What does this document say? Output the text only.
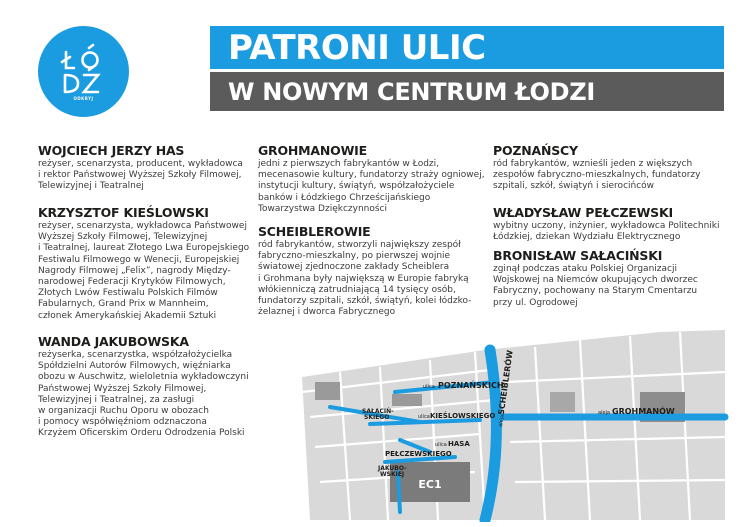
ODKRYJ
PATRONI ULIC
W NOWYM CENTRUM ŁODZI
WOJCIECH JERZY HAS

reżyser, scenarzysta, producent, wykładowca
i rektor Państwowej Wyższej Szkoły Filmowej,
Telewizyjnej i Teatralnej

KRZYSZTOF KIEŚLOWSKI

reżyser, scenarzysta, wykładowca Państwowej
Wyższej Szkoły Filmowej, Telewizyjnej
i Teatralnej, laureat Złotego Lwa Europejskiego
Festiwalu Filmowego w Wenecji, Europejskiej
Nagrody Filmowej „Felix”, nagrody Między-
narodowej Federacji Krytyków Filmowych,
Złotych Lwów Festiwalu Polskich Filmów
Fabularnych, Grand Prix w Mannheim,
członek Amerykańskiej Akademii Sztuki

WANDA JAKUBOWSKA

reżyserka, scenarzystka, współzałożycielka
Spółdzielni Autorów Filmowych, więźniarka
obozu w Auschwitz, wieloletnia wykładowczyni
Państwowej Wyższej Szkoły Filmowej,
Telewizyjnej i Teatralnej, za zasługi
w organizacji Ruchu Oporu w obozach
i pomocy współwięźniom odznaczona
Krzyżem Oficerskim Orderu Odrodzenia Polski

GROHMANOWIE

jedni z pierwszych fabrykantów w Łodzi,
mecenasowie kultury, fundatorzy straży ogniowej,
instytucji kultury, świątyń, współzałożyciele
banków i Łódzkiego Chrześcijańskiego
Towarzystwa Dziękczynności

SCHEIBLEROWIE

ród fabrykantów, stworzyli największy zespół
fabryczno-mieszkalny, po pierwszej wojnie
światowej zjednoczone zakłady Scheiblera
i Grohmana były największą w Europie fabryką
włókienniczą zatrudniającą 14 tysięcy osób,
fundatorzy szpitali, szkół, świątyń, kolei łódzko-
żelaznej i dworca Fabrycznego

POZNAŃSCY

ród fabrykantów, wznieśli jeden z większych
zespołów fabryczno-mieszkalnych, fundatorzy
szpitali, szkół, świątyń i sierocińców

WŁADYSŁAW PEŁCZEWSKI

wybitny uczony, inżynier, wykładowca Politechniki
Łódzkiej, dziekan Wydziału Elektrycznego

BRONISŁAW SAŁACIŃSKI

zginął podczas ataku Polskiej Organizacji
Wojskowej na Niemców okupujących dworzec
Fabryczny, pochowany na Starym Cmentarzu
przy ul. Ogrodowej

EC1
ulica POZNAŃSKICH
aleja
SCHEIBLERÓW	aleja GROHMANÓW
SAŁACIŃ-SKIEGO	ulica KIEŚLOWSKIEGO
ulica HASA
PEŁCZEWSKIEGO
JAKUBO-WSKIEJ
